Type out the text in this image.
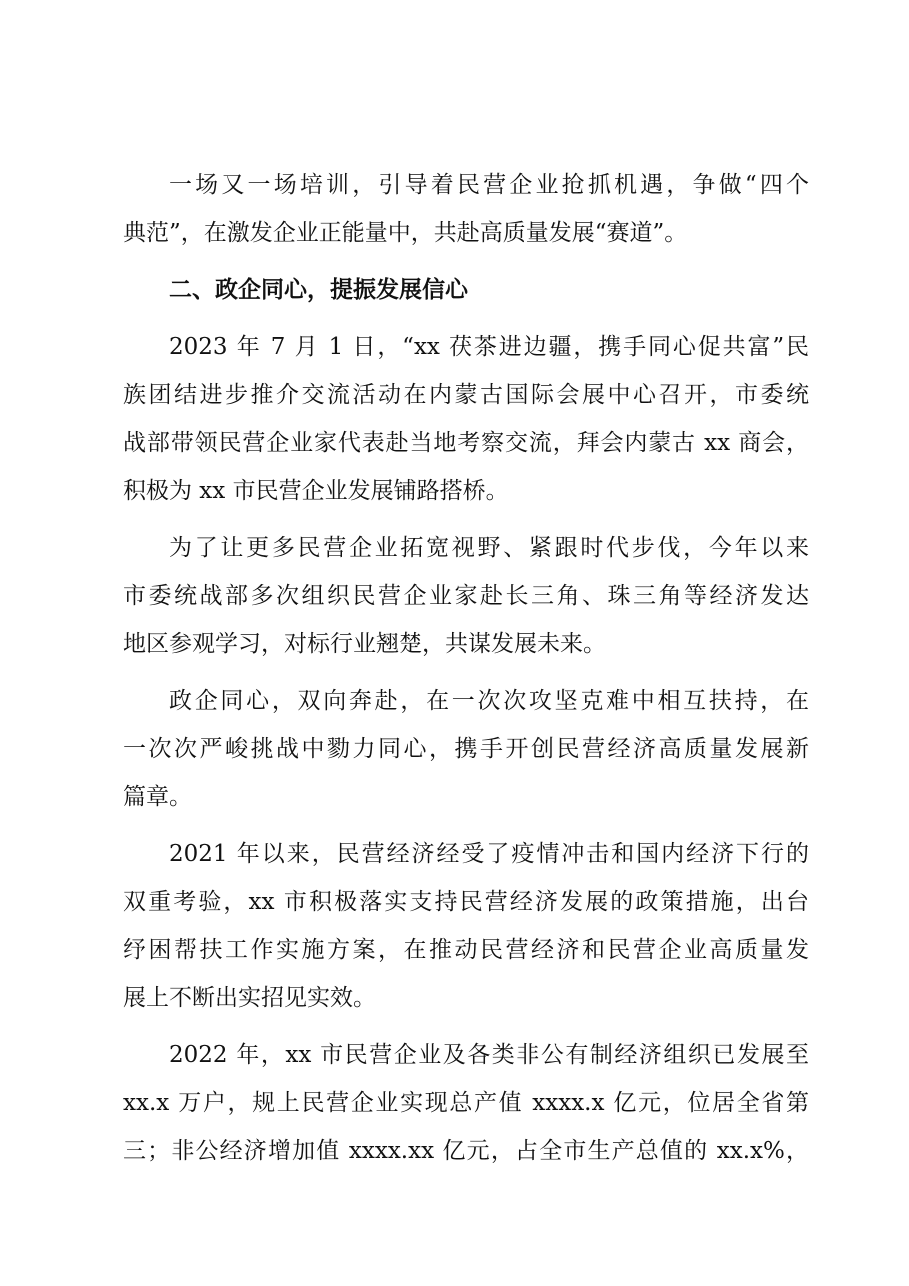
一场又一场培训，引导着民营企业抢抓机遇，争做“四个
典范”，在激发企业正能量中，共赴高质量发展“赛道”。
二、政企同心，提振发展信心
2023 年 7 月 1 日，“xx 茯茶进边疆，携手同心促共富”民
族团结进步推介交流活动在内蒙古国际会展中心召开，市委统
战部带领民营企业家代表赴当地考察交流，拜会内蒙古 xx 商会，
积极为 xx 市民营企业发展铺路搭桥。
为了让更多民营企业拓宽视野、紧跟时代步伐，今年以来
市委统战部多次组织民营企业家赴长三角、珠三角等经济发达
地区参观学习，对标行业翘楚，共谋发展未来。
政企同心，双向奔赴，在一次次攻坚克难中相互扶持，在
一次次严峻挑战中勠力同心，携手开创民营经济高质量发展新
篇章。
2021 年以来，民营经济经受了疫情冲击和国内经济下行的
双重考验，xx 市积极落实支持民营经济发展的政策措施，出台
纾困帮扶工作实施方案，在推动民营经济和民营企业高质量发
展上不断出实招见实效。
2022 年，xx 市民营企业及各类非公有制经济组织已发展至
xx.x 万户，规上民营企业实现总产值 xxxx.x 亿元，位居全省第
三；非公经济增加值 xxxx.xx 亿元，占全市生产总值的 xx.x%，
